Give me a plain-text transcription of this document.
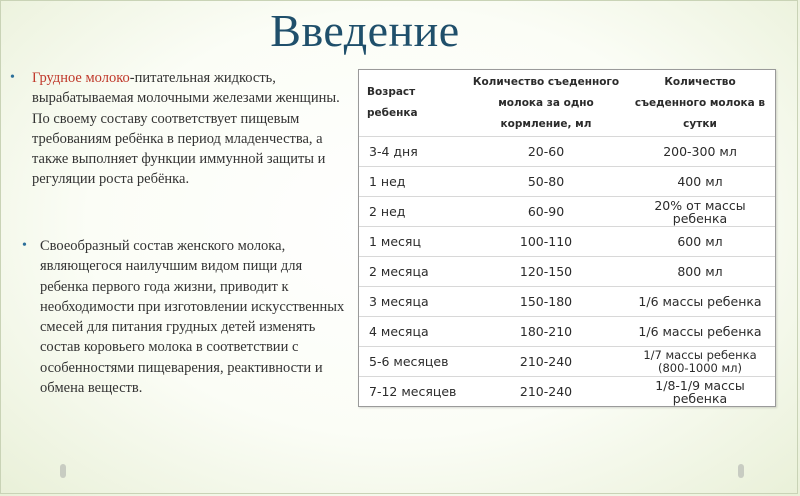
Введение
• Грудное молоко-питательная жидкость, вырабатываемая молочными железами женщины. По своему составу соответствует пищевым требованиям ребёнка в период младенчества, а также выполняет функции иммунной защиты и регуляции роста ребёнка.
• Своеобразный состав женского молока, являющегося наилучшим видом пищи для ребенка первого года жизни, приводит к необходимости при изготовлении искусственных смесей для питания грудных детей изменять состав коровьего молока в соответствии с особенностями пищеварения, реактивности и обмена веществ.
Возраст ребенка	Количество съеденного молока за одно кормление, мл	Количество съеденного молока в сутки
3-4 дня	20-60	200-300 мл
1 нед	50-80	400 мл
2 нед	60-90	20% от массы ребенка
1 месяц	100-110	600 мл
2 месяца	120-150	800 мл
3 месяца	150-180	1/6 массы ребенка
4 месяца	180-210	1/6 массы ребенка
5-6 месяцев	210-240	1/7 массы ребенка (800-1000 мл)
7-12 месяцев	210-240	1/8-1/9 массы ребенка
